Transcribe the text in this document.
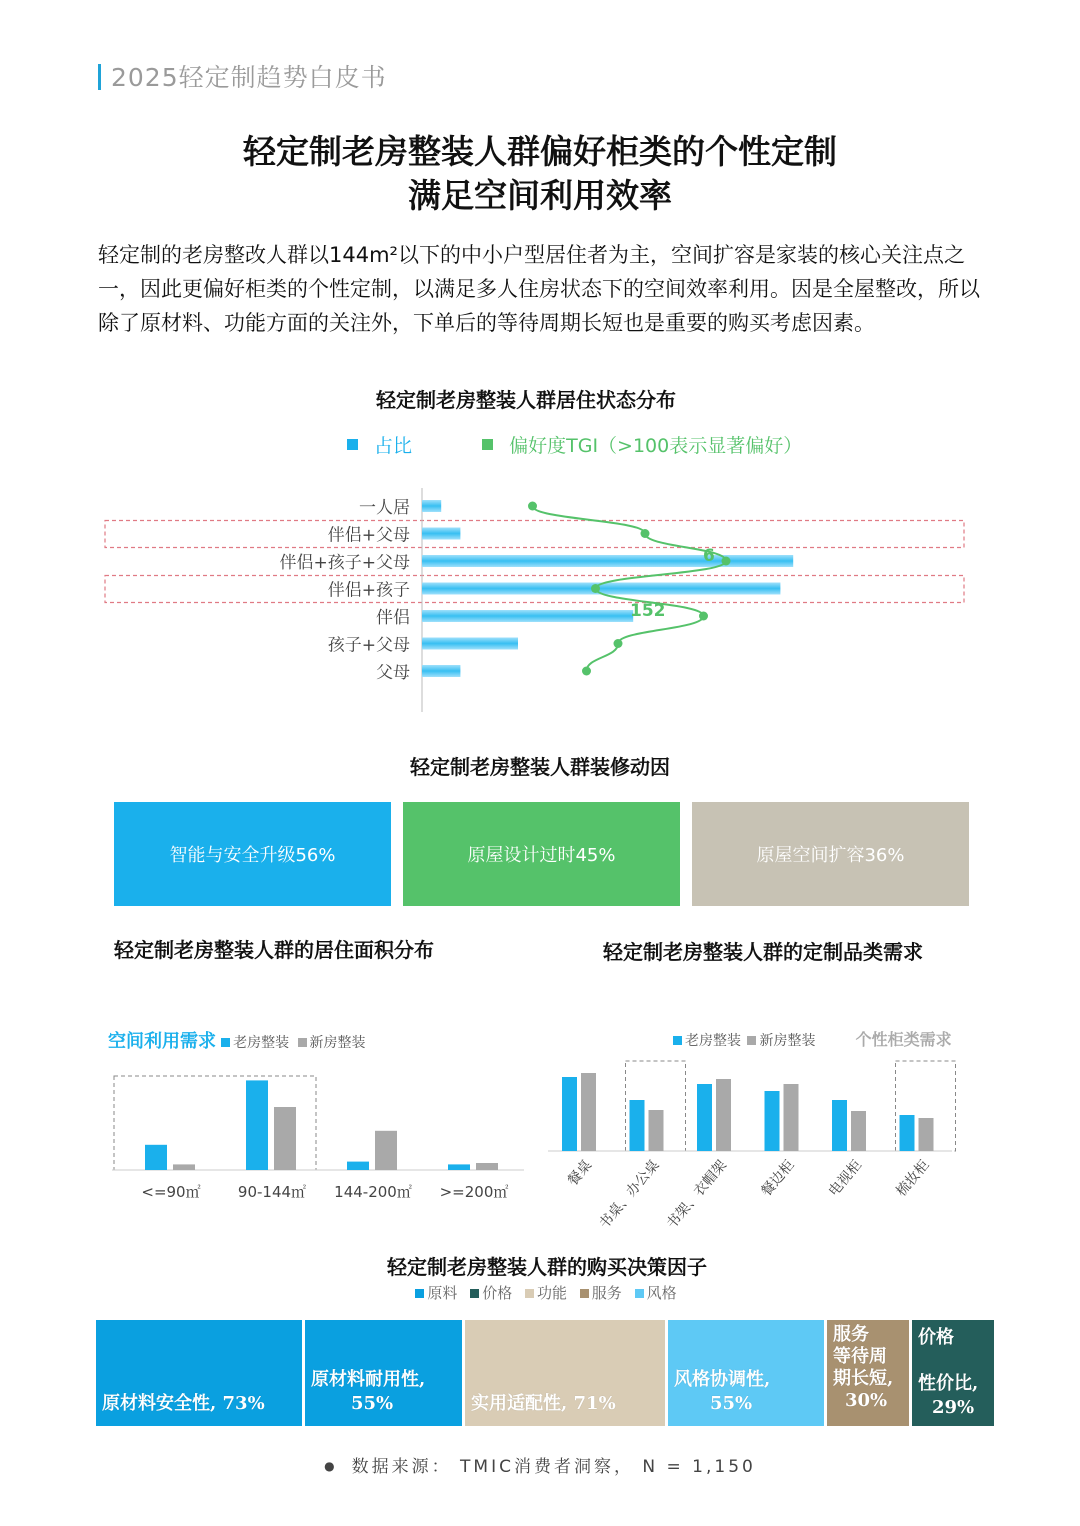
2025轻定制趋势白皮书
轻定制老房整装人群偏好柜类的个性定制
满足空间利用效率
轻定制的老房整改人群以144m²以下的中小户型居住者为主，空间扩容是家装的核心关注点之一，因此更偏好柜类的个性定制，以满足多人住房状态下的空间效率利用。因是全屋整改，所以除了原材料、功能方面的关注外，下单后的等待周期长短也是重要的购买考虑因素。
轻定制老房整装人群居住状态分布
占比	偏好度TGI（>100表示显著偏好）
一人居
伴侣+父母
伴侣+孩子+父母
伴侣+孩子
伴侣
孩子+父母
父母
6
152
轻定制老房整装人群装修动因
智能与安全升级56%	原屋设计过时45%	原屋空间扩容36%
轻定制老房整装人群的居住面积分布
空间利用需求 老房整装 新房整装
<=90㎡ 90-144㎡ 144-200㎡ >=200㎡
轻定制老房整装人群的定制品类需求
老房整装 新房整装	个性柜类需求
餐桌 书桌、办公桌 书架、衣帽架 餐边柜 电视柜 梳妆柜
轻定制老房整装人群的购买决策因子
原料 价格 功能 服务 风格
原材料安全性, 73%
原材料耐用性,
55%	实用适配性, 71%
风格协调性,
55%
服务
等待周
期长短,
30%
价格
性价比,
29%
● 数据来源： TMIC消费者洞察， N = 1,150
